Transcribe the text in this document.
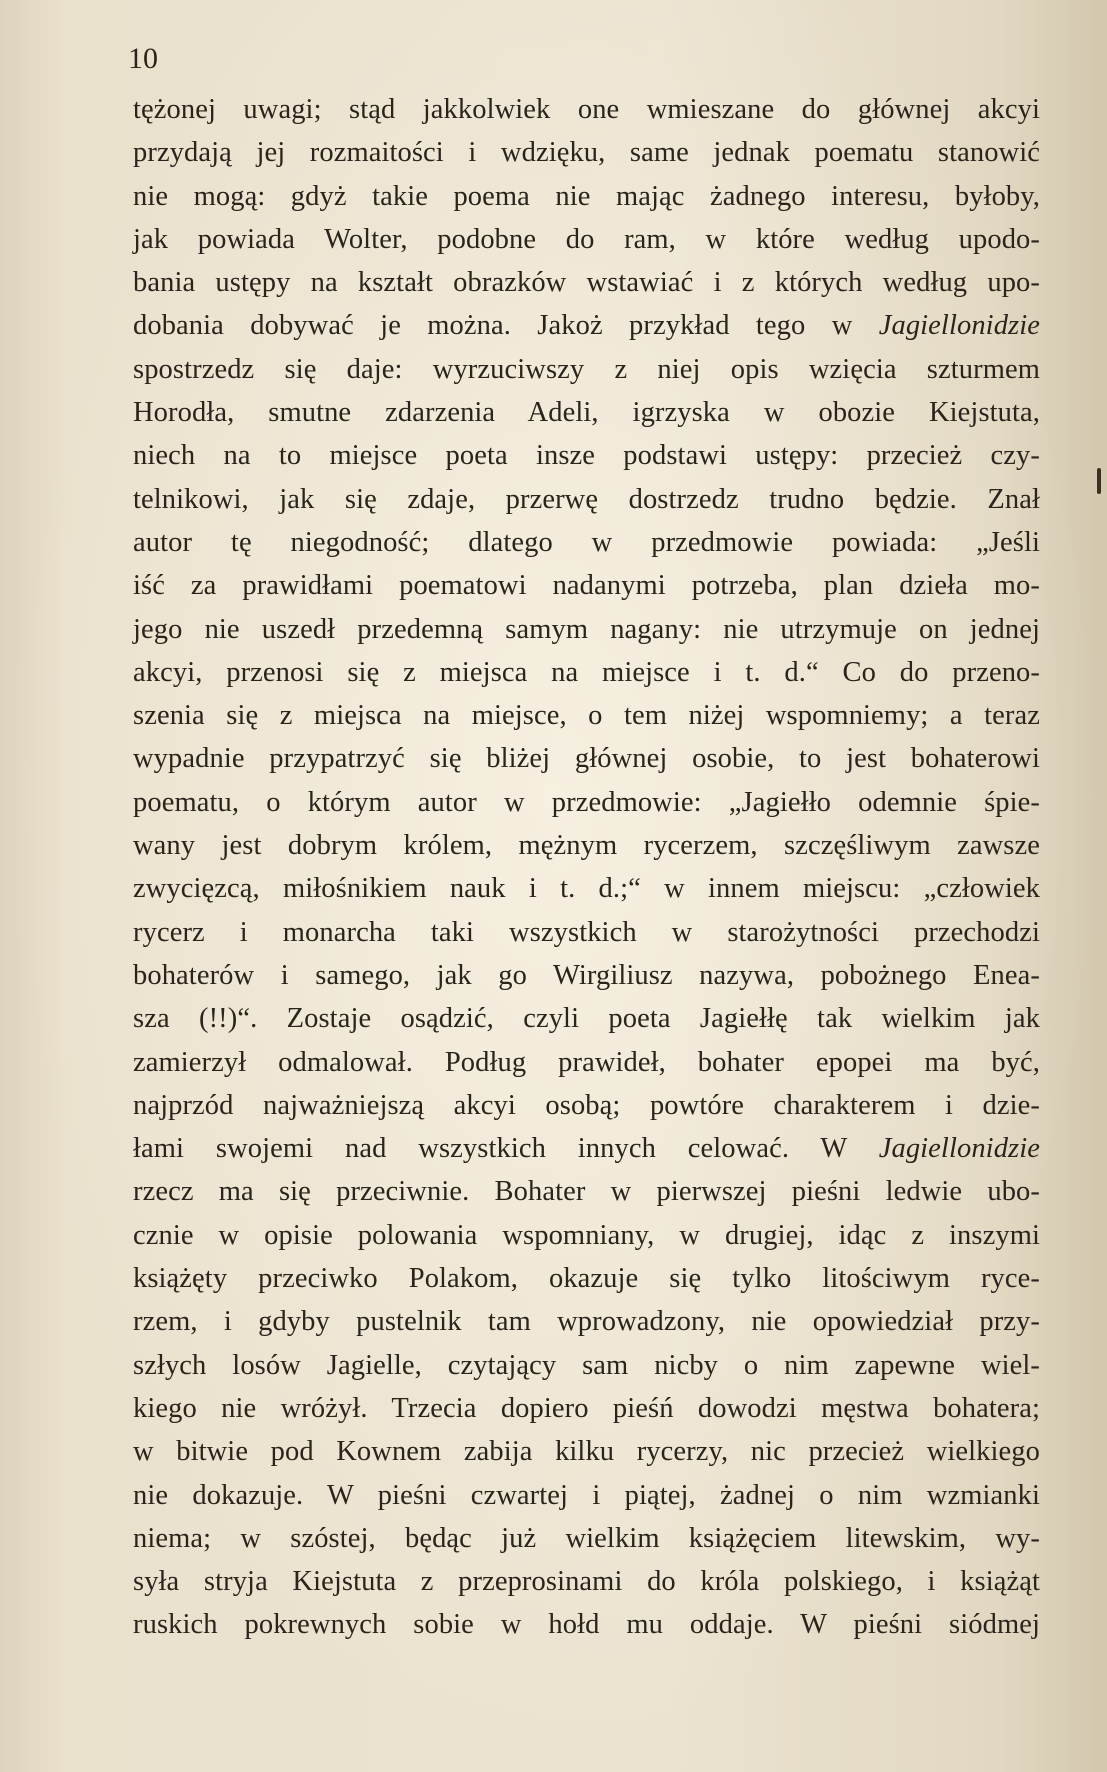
10
tężonej uwagi; stąd jakkolwiek one wmieszane do głównej akcyi
przydają jej rozmaitości i wdzięku, same jednak poematu stanowić
nie mogą: gdyż takie poema nie mając żadnego interesu, byłoby,
jak powiada Wolter, podobne do ram, w które według upodo-
bania ustępy na kształt obrazków wstawiać i z których według upo-
dobania dobywać je można. Jakoż przykład tego w Jagiellonidzie
spostrzedz się daje: wyrzuciwszy z niej opis wzięcia szturmem
Horodła, smutne zdarzenia Adeli, igrzyska w obozie Kiejstuta,
niech na to miejsce poeta insze podstawi ustępy: przecież czy-
telnikowi, jak się zdaje, przerwę dostrzedz trudno będzie. Znał
autor tę niegodność; dlatego w przedmowie powiada: „Jeśli
iść za prawidłami poematowi nadanymi potrzeba, plan dzieła mo-
jego nie uszedł przedemną samym nagany: nie utrzymuje on jednej
akcyi, przenosi się z miejsca na miejsce i t. d.“ Co do przeno-
szenia się z miejsca na miejsce, o tem niżej wspomniemy; a teraz
wypadnie przypatrzyć się bliżej głównej osobie, to jest bohaterowi
poematu, o którym autor w przedmowie: „Jagiełło odemnie śpie-
wany jest dobrym królem, mężnym rycerzem, szczęśliwym zawsze
zwycięzcą, miłośnikiem nauk i t. d.;“ w innem miejscu: „człowiek
rycerz i monarcha taki wszystkich w starożytności przechodzi
bohaterów i samego, jak go Wirgiliusz nazywa, pobożnego Enea-
sza (!!)“. Zostaje osądzić, czyli poeta Jagiełłę tak wielkim jak
zamierzył odmalował. Podług prawideł, bohater epopei ma być,
najprzód najważniejszą akcyi osobą; powtóre charakterem i dzie-
łami swojemi nad wszystkich innych celować. W Jagiellonidzie
rzecz ma się przeciwnie. Bohater w pierwszej pieśni ledwie ubo-
cznie w opisie polowania wspomniany, w drugiej, idąc z inszymi
książęty przeciwko Polakom, okazuje się tylko litościwym ryce-
rzem, i gdyby pustelnik tam wprowadzony, nie opowiedział przy-
szłych losów Jagielle, czytający sam nicby o nim zapewne wiel-
kiego nie wróżył. Trzecia dopiero pieśń dowodzi męstwa bohatera;
w bitwie pod Kownem zabija kilku rycerzy, nic przecież wielkiego
nie dokazuje. W pieśni czwartej i piątej, żadnej o nim wzmianki
niema; w szóstej, będąc już wielkim książęciem litewskim, wy-
syła stryja Kiejstuta z przeprosinami do króla polskiego, i książąt
ruskich pokrewnych sobie w hołd mu oddaje. W pieśni siódmej
